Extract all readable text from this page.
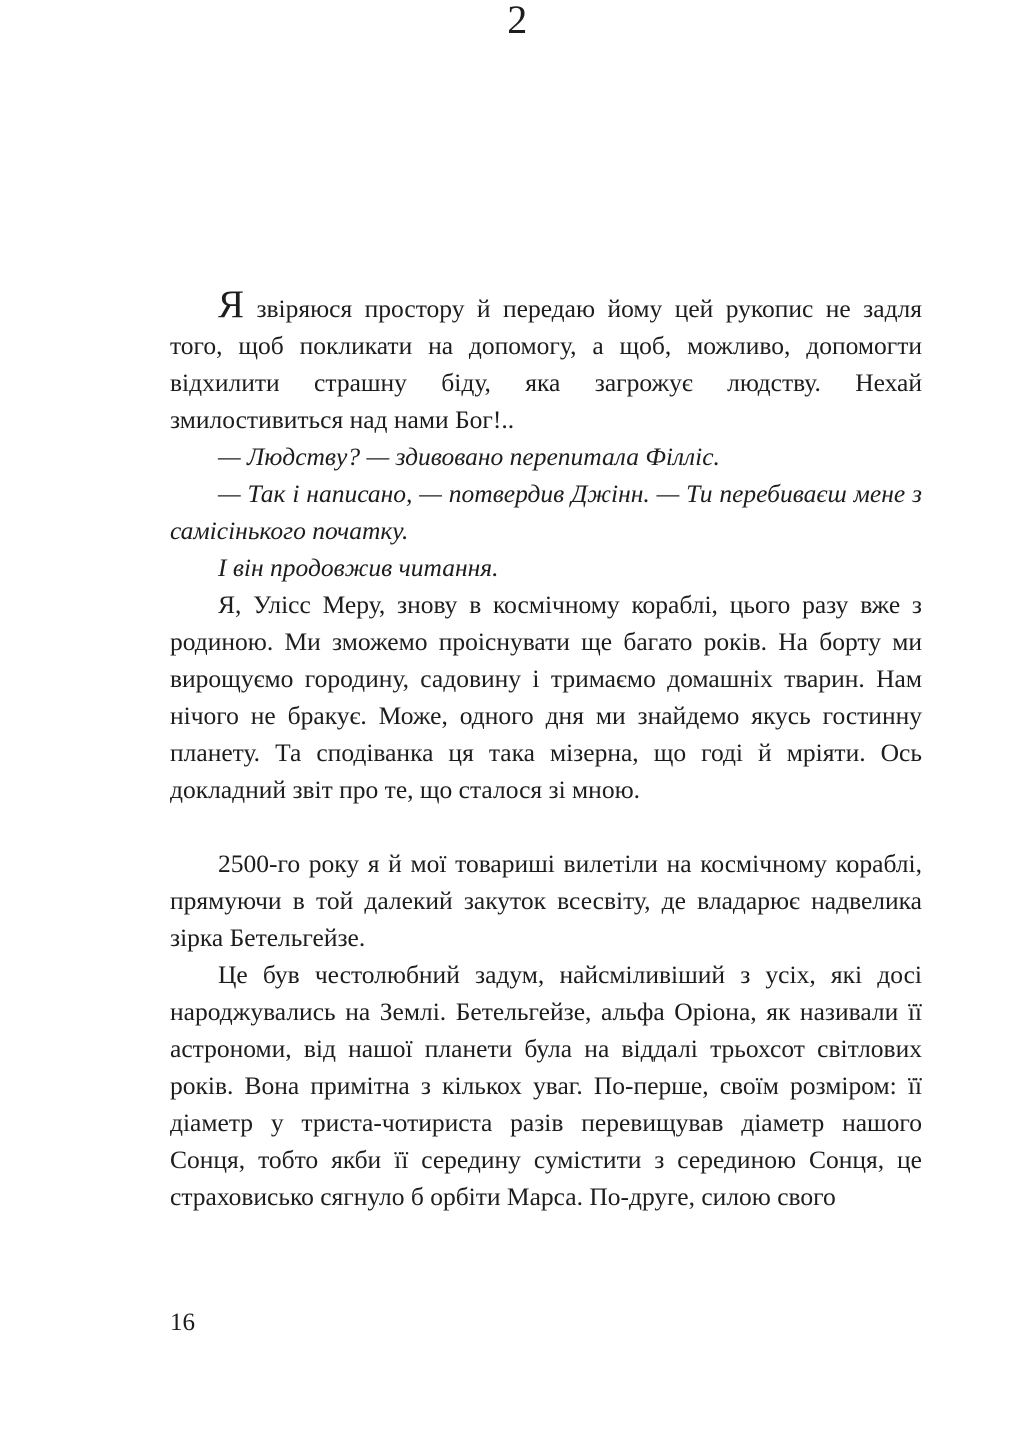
2

Я звіряюся простору й передаю йому цей рукопис не задля того, щоб покликати на допомогу, а щоб, можливо, допомогти відхилити страшну біду, яка загрожує людству. Нехай змилостивиться над нами Бог!..

— Людству? — здивовано перепитала Філліс.

— Так і написано, — потвердив Джінн. — Ти перебиваєш мене з самісінького початку.

І він продовжив читання.

Я, Улісс Меру, знову в космічному кораблі, цього разу вже з родиною. Ми зможемо проіснувати ще багато років. На борту ми вирощуємо городину, садовину і тримаємо домашніх тварин. Нам нічого не бракує. Може, одного дня ми знайдемо якусь гостинну планету. Та сподіванка ця така мізерна, що годі й мріяти. Ось докладний звіт про те, що сталося зі мною.

2500-го року я й мої товариші вилетіли на космічному кораблі, прямуючи в той далекий закуток всесвіту, де владарює надвелика зірка Бетельгейзе.

Це був честолюбний задум, найсміливіший з усіх, які досі народжувались на Землі. Бетельгейзе, альфа Оріона, як називали її астрономи, від нашої планети була на віддалі трьохсот світлових років. Вона примітна з кількох уваг. По-перше, своїм розміром: її діаметр у триста-чотириста разів перевищував діаметр нашого Сонця, тобто якби її середину сумістити з серединою Сонця, це страховисько сягнуло б орбіти Марса. По-друге, силою свого

16
